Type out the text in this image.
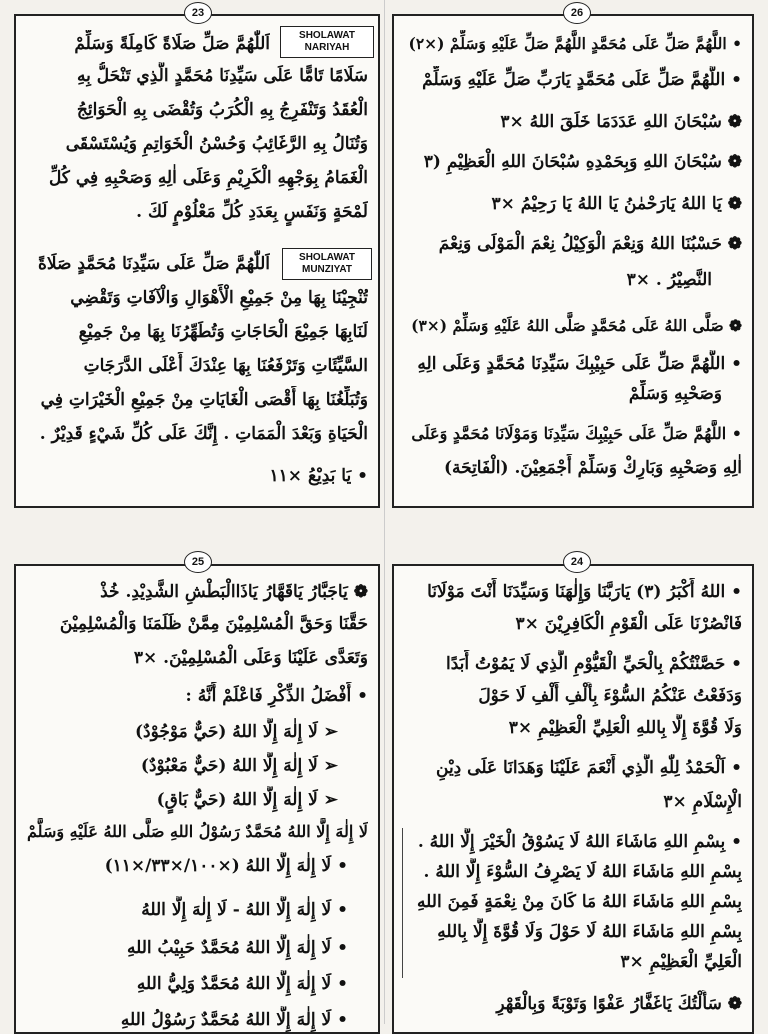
SHOLAWAT NARIYAH
اَللّٰهُمَّ صَلِّ صَلَاةً كَامِلَةً وَسَلِّمْ
سَلَامًا تَامًّا عَلَى سَيِّدِنَا مُحَمَّدٍ الَّذِي تَنْحَلُّ بِهِ
الْعُقَدُ وَتَنْفَرِجُ بِهِ الْكُرَبُ وَتُقْضَى بِهِ الْحَوَائِجُ
وَتُنَالُ بِهِ الرَّغَائِبُ وَحُسْنُ الْخَوَاتِمِ وَيُسْتَسْقَى
الْغَمَامُ بِوَجْهِهِ الْكَرِيْمِ وَعَلَى اٰلِهِ وَصَحْبِهِ فِي كُلِّ
لَمْحَةٍ وَنَفَسٍ بِعَدَدِ كُلِّ مَعْلُوْمٍ لَكَ .
SHOLAWAT MUNZIYAT
اَللّٰهُمَّ صَلِّ عَلَى سَيِّدِنَا مُحَمَّدٍ صَلَاةً
تُنْجِيْنَا بِهَا مِنْ جَمِيْعِ الْأَهْوَالِ وَالْآفَاتِ وَتَقْضِي
لَنَابِهَا جَمِيْعَ الْحَاجَاتِ وَتُطَهِّرُنَا بِهَا مِنْ جَمِيْعِ
السَّيِّئَاتِ وَتَرْفَعُنَا بِهَا عِنْدَكَ أَعْلَى الدَّرَجَاتِ
وَتُبَلِّغُنَا بِهَا أَقْصَى الْغَايَاتِ مِنْ جَمِيْعِ الْخَيْرَاتِ فِي
الْحَيَاةِ وَبَعْدَ الْمَمَاتِ . إِنَّكَ عَلَى كُلِّ شَيْءٍ قَدِيْرٌ .
• يَا بَدِيْعُ ×١١
23
• اللَّهُمَّ صَلِّ عَلَى مُحَمَّدٍ اللَّهُمَّ صَلِّ عَلَيْهِ وَسَلِّمْ (×٢)
• اللَّهُمَّ صَلِّ عَلَى مُحَمَّدٍ يَارَبِّ صَلِّ عَلَيْهِ وَسَلِّمْ
❁ سُبْحَانَ اللهِ عَدَدَمَا خَلَقَ اللهُ ×٣
❁ سُبْحَانَ اللهِ وَبِحَمْدِهِ سُبْحَانَ اللهِ الْعَظِيْمِ (٣
❁ يَا اللهُ يَارَحْمٰنُ يَا اللهُ يَا رَحِيْمُ ×٣
❁ حَسْبُنَا اللهُ وَنِعْمَ الْوَكِيْلُ نِعْمَ الْمَوْلَى وَنِعْمَ
النَّصِيْرُ . ×٣
❁ صَلَّى اللهُ عَلَى مُحَمَّدٍ صَلَّى اللهُ عَلَيْهِ وَسَلِّمْ (×٣)
• اللَّهُمَّ صَلِّ عَلَى حَبِيْبِكَ سَيِّدِنَا مُحَمَّدٍ وَعَلَى الِهِ
وَصَحْبِهِ وَسَلِّمْ
• اللَّهُمَّ صَلِّ عَلَى حَبِيْبِكَ سَيِّدِنَا وَمَوْلَانَا مُحَمَّدٍ وَعَلَى
اٰلِهِ وَصَحْبِهِ وَبَارِكْ وَسَلِّمْ أَجْمَعِيْنَ. (الْفَاتِحَة)
26
❁ يَاجَبَّارُ يَاقَهَّارُ يَاذَاالْبَطْشِ الشَّدِيْدِ. خُذْ
حَقَّنَا وَحَقَّ الْمُسْلِمِيْنَ مِمَّنْ ظَلَمَنَا وَالْمُسْلِمِيْنَ
وَتَعَدَّى عَلَيْنَا وَعَلَى الْمُسْلِمِيْنَ. ×٣
• أَفْضَلُ الذِّكْرِ فَاعْلَمْ أَنَّهُ :
➢ لَا إِلٰهَ إِلَّا اللهُ (حَيٌّ مَوْجُوْدٌ)
➢ لَا إِلٰهَ إِلَّا اللهُ (حَيٌّ مَعْبُوْدٌ)
➢ لَا إِلٰهَ إِلَّا اللهُ (حَيٌّ بَاقٍ)
لَا إِلٰهَ إِلَّا اللهُ مُحَمَّدٌ رَسُوْلُ اللهِ صَلَّى اللهُ عَلَيْهِ وَسَلَّمْ
• لَا إِلٰهَ إِلَّا اللهُ (×١٠٠/×٣٣/×١١)
• لَا إِلٰهَ إِلَّا اللهُ - لَا إِلٰهَ إِلَّا اللهُ
• لَا إِلٰهَ إِلَّا اللهُ مُحَمَّدٌ حَبِيْبُ اللهِ
• لَا إِلٰهَ إِلَّا اللهُ مُحَمَّدٌ وَلِيُّ اللهِ
• لَا إِلٰهَ إِلَّا اللهُ مُحَمَّدٌ رَسُوْلُ اللهِ
25
• اللهُ أَكْبَرُ (٣) يَارَبَّنَا وَإِلٰهَنَا وَسَيِّدَنَا أَنْتَ مَوْلَانَا
فَانْصُرْنَا عَلَى الْقَوْمِ الْكَافِرِيْنَ ×٣
• حَصَّنْتُكُمْ بِالْحَيِّ الْقَيُّوْمِ الَّذِي لَا يَمُوْتُ أَبَدًا
وَدَفَعْتُ عَنْكُمُ السُّوْءَ بِأَلْفِ أَلْفِ لَا حَوْلَ
وَلَا قُوَّةَ إِلَّا بِاللهِ الْعَلِيِّ الْعَظِيْمِ ×٣
• اَلْحَمْدُ لِلّٰهِ الَّذِي أَنْعَمَ عَلَيْنَا وَهَدَانَا عَلَى دِيْنِ
الْإِسْلَامِ ×٣
• بِسْمِ اللهِ مَاشَاءَ اللهُ لَا يَسُوْقُ الْخَيْرَ إِلَّا اللهُ .
بِسْمِ اللهِ مَاشَاءَ اللهُ لَا يَصْرِفُ السُّوْءَ إِلَّا اللهُ .
بِسْمِ اللهِ مَاشَاءَ اللهُ مَا كَانَ مِنْ نِعْمَةٍ فَمِنَ اللهِ
بِسْمِ اللهِ مَاشَاءَ اللهُ لَا حَوْلَ وَلَا قُوَّةَ إِلَّا بِاللهِ
الْعَلِيِّ الْعَظِيْمِ ×٣
❁ سَأَلْتُكَ يَاغَفَّارُ عَفْوًا وَتَوْبَةً وَبِالْقَهْرِ
24
